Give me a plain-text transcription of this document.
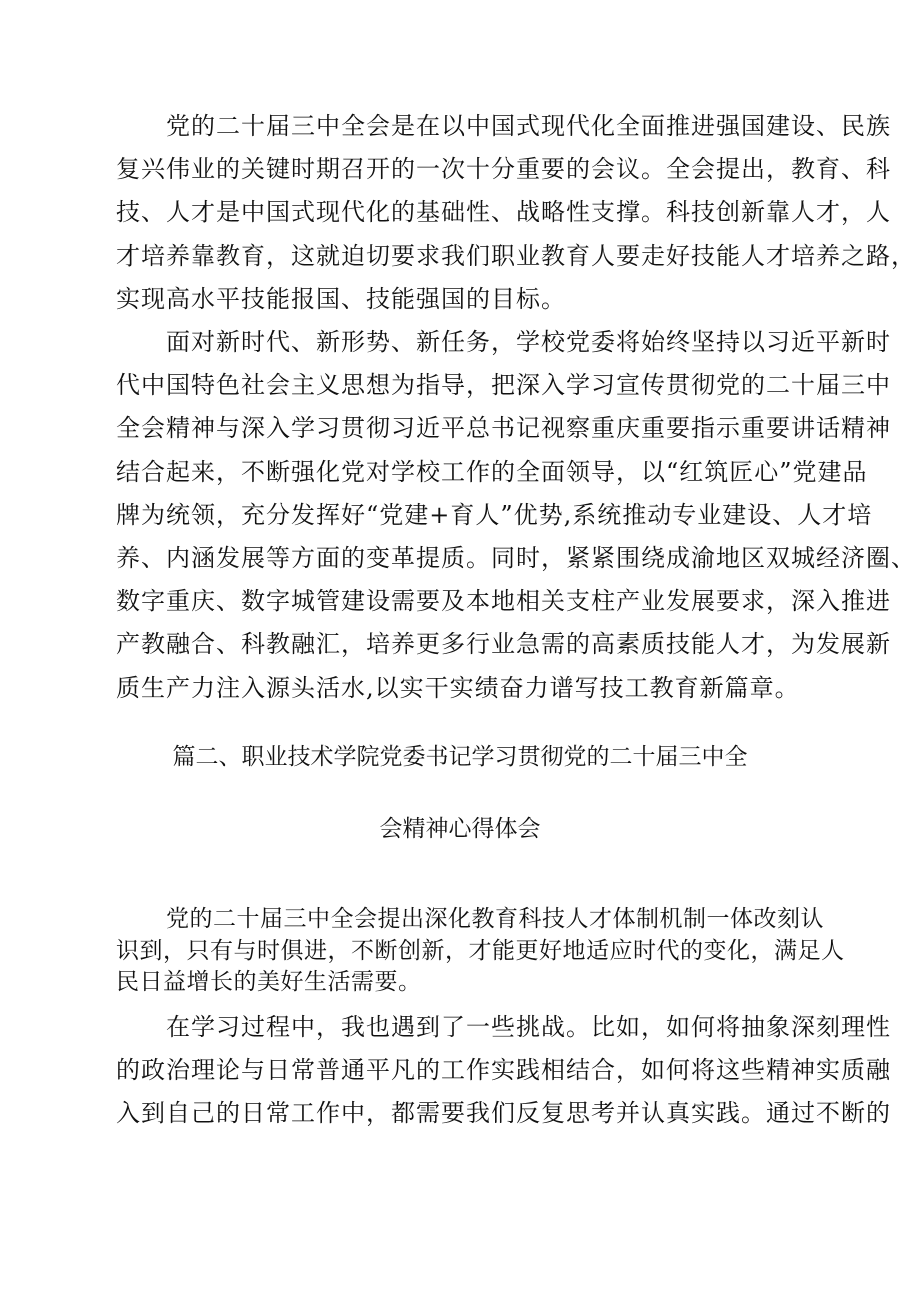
党的二十届三中全会是在以中国式现代化全面推进强国建设、民族
复兴伟业的关键时期召开的一次十分重要的会议。全会提出，教育、科
技、人才是中国式现代化的基础性、战略性支撑。科技创新靠人才，人
才培养靠教育，这就迫切要求我们职业教育人要走好技能人才培养之路，
实现高水平技能报国、技能强国的目标。
面对新时代、新形势、新任务，学校党委将始终坚持以习近平新时
代中国特色社会主义思想为指导，把深入学习宣传贯彻党的二十届三中
全会精神与深入学习贯彻习近平总书记视察重庆重要指示重要讲话精神
结合起来，不断强化党对学校工作的全面领导，以“红筑匠心”党建品
牌为统领，充分发挥好“党建+育人”优势,系统推动专业建设、人才培
养、内涵发展等方面的变革提质。同时，紧紧围绕成渝地区双城经济圈、
数字重庆、数字城管建设需要及本地相关支柱产业发展要求，深入推进
产教融合、科教融汇，培养更多行业急需的高素质技能人才，为发展新
质生产力注入源头活水,以实干实绩奋力谱写技工教育新篇章。
篇二、职业技术学院党委书记学习贯彻党的二十届三中全
会精神心得体会
党的二十届三中全会提出深化教育科技人才体制机制一体改刻认
识到，只有与时俱进，不断创新，才能更好地适应时代的变化，满足人
民日益增长的美好生活需要。
在学习过程中，我也遇到了一些挑战。比如，如何将抽象深刻理性
的政治理论与日常普通平凡的工作实践相结合，如何将这些精神实质融
入到自己的日常工作中，都需要我们反复思考并认真实践。通过不断的
